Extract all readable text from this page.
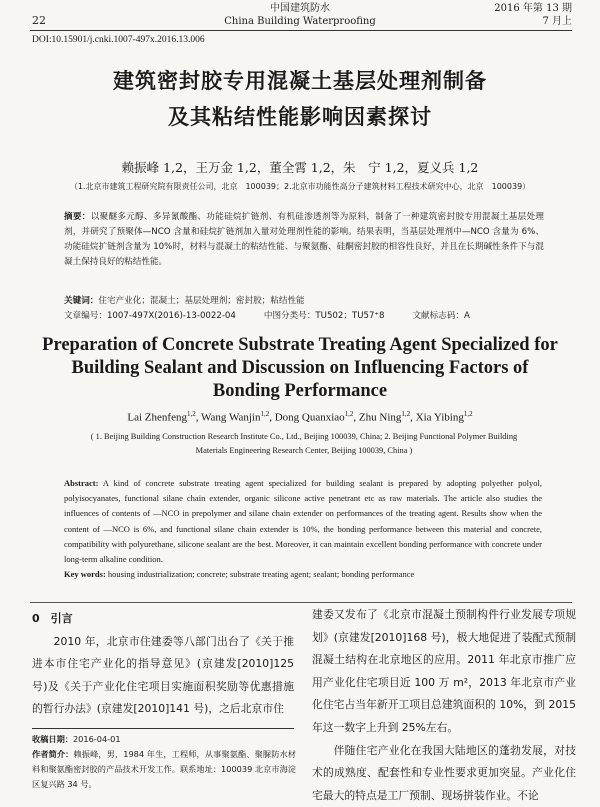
22
中国建筑防水
China Building Waterproofing
2016 年第 13 期
7 月上
DOI:10.15901/j.cnki.1007-497x.2016.13.006
建筑密封胶专用混凝土基层处理剂制备
及其粘结性能影响因素探讨
赖振峰 1,2，王万金 1,2，董全霄 1,2，朱　宁 1,2，夏义兵 1,2
（1.北京市建筑工程研究院有限责任公司，北京　100039；2.北京市功能性高分子建筑材料工程技术研究中心，北京　100039）
摘要：以聚醚多元醇、多异氰酸酯、功能硅烷扩链剂、有机硅渗透剂等为原料，制备了一种建筑密封胶专用混凝土基层处理剂，并研究了预聚体—NCO 含量和硅烷扩链剂加入量对处理剂性能的影响。结果表明，当基层处理剂中—NCO 含量为 6%、功能硅烷扩链剂含量为 10%时，材料与混凝土的粘结性能、与聚氨酯、硅酮密封胶的相容性良好，并且在长期碱性条件下与混凝土保持良好的粘结性能。
关键词：住宅产业化；混凝土；基层处理剂；密封胶；粘结性能
文章编号：1007-497X(2016)-13-0022-04	中图分类号：TU502；TU57⁺8	文献标志码：A
Preparation of Concrete Substrate Treating Agent Specialized for
Building Sealant and Discussion on Influencing Factors of
Bonding Performance
Lai Zhenfeng$^{1,2}$, Wang Wanjin$^{1,2}$, Dong Quanxiao$^{1,2}$, Zhu Ning$^{1,2}$, Xia Yibing$^{1,2}$
( 1. Beijing Building Construction Research Institute Co., Ltd., Beijing 100039, China; 2. Beijing Functional Polymer Building Materials Engineering Research Center, Beijing 100039, China )
Abstract: A kind of concrete substrate treating agent specialized for building sealant is prepared by adopting polyether polyol, polyisocyanates, functional silane chain extender, organic silicone active penetrant etc as raw materials. The article also studies the influences of contents of —NCO in prepolymer and silane chain extender on performances of the treating agent. Results show when the content of —NCO is 6%, and functional silane chain extender is 10%, the bonding performance between this material and concrete, compatibility with polyurethane, silicone sealant are the best. Moreover, it can maintain excellent bonding performance with concrete under long-term alkaline condition.
Key words: housing industrialization; concrete; substrate treating agent; sealant; bonding performance
0　引言
2010 年，北京市住建委等八部门出台了《关于推进本市住宅产业化的指导意见》(京建发[2010]125 号)及《关于产业化住宅项目实施面积奖励等优惠措施的暂行办法》(京建发[2010]141 号)，之后北京市住
收稿日期：2016-04-01
作者简介：赖振峰，男，1984 年生，工程师，从事聚氨酯、聚脲防水材料和聚氨酯密封胶的产品技术开发工作。联系地址：100039 北京市海淀区复兴路 34 号。
建委又发布了《北京市混凝土预制构件行业发展专项规划》(京建发[2010]168 号)，极大地促进了装配式预制混凝土结构在北京地区的应用。2011 年北京市推广应用产业化住宅项目近 100 万 m²，2013 年北京市产业化住宅占当年新开工项目总建筑面积的 10%，到 2015 年这一数字上升到 25%左右。
伴随住宅产业化在我国大陆地区的蓬勃发展，对技术的成熟度、配套性和专业性要求更加突显。产业化住宅最大的特点是工厂预制、现场拼装作业。不论
